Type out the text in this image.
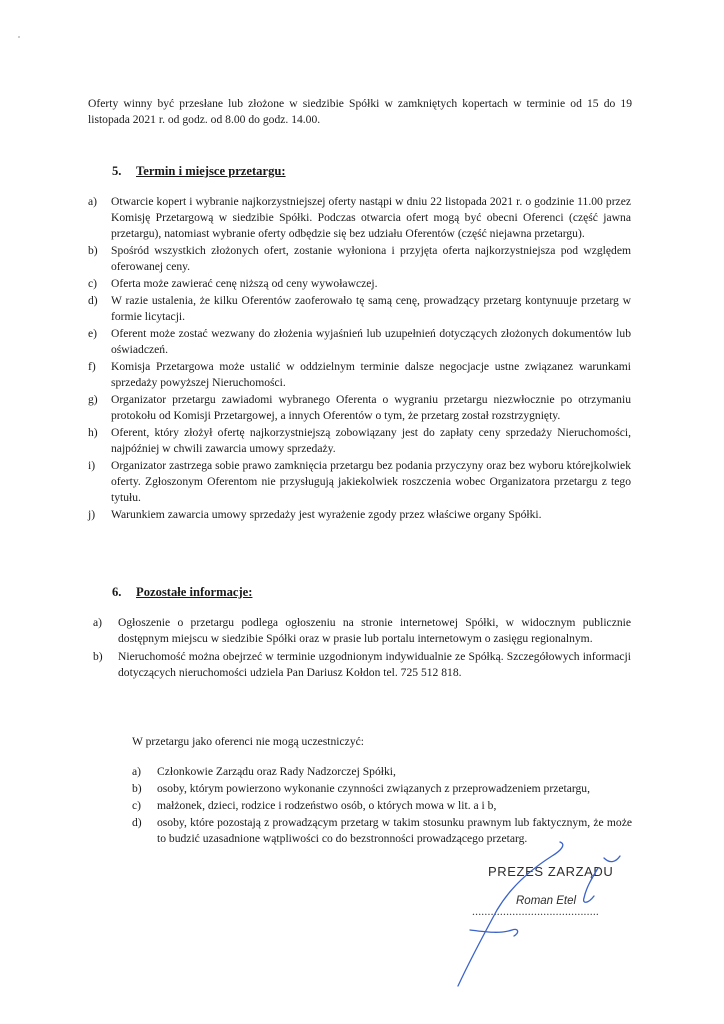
Oferty winny być przesłane lub złożone w siedzibie Spółki w zamkniętych kopertach w terminie od 15 do 19 listopada 2021 r. od godz. od 8.00 do godz. 14.00.

5. Termin i miejsce przetargu:
a) Otwarcie kopert i wybranie najkorzystniejszej oferty nastąpi w dniu 22 listopada 2021 r. o godzinie 11.00 przez Komisję Przetargową w siedzibie Spółki. Podczas otwarcia ofert mogą być obecni Oferenci (część jawna przetargu), natomiast wybranie oferty odbędzie się bez udziału Oferentów (część niejawna przetargu).
b) Spośród wszystkich złożonych ofert, zostanie wyłoniona i przyjęta oferta najkorzystniejsza pod względem oferowanej ceny.
c) Oferta może zawierać cenę niższą od ceny wywoławczej.
d) W razie ustalenia, że kilku Oferentów zaoferowało tę samą cenę, prowadzący przetarg kontynuuje przetarg w formie licytacji.
e) Oferent może zostać wezwany do złożenia wyjaśnień lub uzupełnień dotyczących złożonych dokumentów lub oświadczeń.
f) Komisja Przetargowa może ustalić w oddzielnym terminie dalsze negocjacje ustne związanez warunkami sprzedaży powyższej Nieruchomości.
g) Organizator przetargu zawiadomi wybranego Oferenta o wygraniu przetargu niezwłocznie po otrzymaniu protokołu od Komisji Przetargowej, a innych Oferentów o tym, że przetarg został rozstrzygnięty.
h) Oferent, który złożył ofertę najkorzystniejszą zobowiązany jest do zapłaty ceny sprzedaży Nieruchomości, najpóźniej w chwili zawarcia umowy sprzedaży.
i) Organizator zastrzega sobie prawo zamknięcia przetargu bez podania przyczyny oraz bez wyboru którejkolwiek oferty. Zgłoszonym Oferentom nie przysługują jakiekolwiek roszczenia wobec Organizatora przetargu z tego tytułu.
j) Warunkiem zawarcia umowy sprzedaży jest wyrażenie zgody przez właściwe organy Spółki.
6. Pozostałe informacje:
a) Ogłoszenie o przetargu podlega ogłoszeniu na stronie internetowej Spółki, w widocznym publicznie dostępnym miejscu w siedzibie Spółki oraz w prasie lub portalu internetowym o zasięgu regionalnym.
b) Nieruchomość można obejrzeć w terminie uzgodnionym indywidualnie ze Spółką. Szczegółowych informacji dotyczących nieruchomości udziela Pan Dariusz Kołdon tel. 725 512 818.

W przetargu jako oferenci nie mogą uczestniczyć:

a) Członkowie Zarządu oraz Rady Nadzorczej Spółki,
b) osoby, którym powierzono wykonanie czynności związanych z przeprowadzeniem przetargu,
c) małżonek, dzieci, rodzice i rodzeństwo osób, o których mowa w lit. a i b,
d) osoby, które pozostają z prowadzącym przetarg w takim stosunku prawnym lub faktycznym, że może to budzić uzasadnione wątpliwości co do bezstronności prowadzącego przetarg.
PREZES ZARZĄDU
Roman Etel
.........................................
